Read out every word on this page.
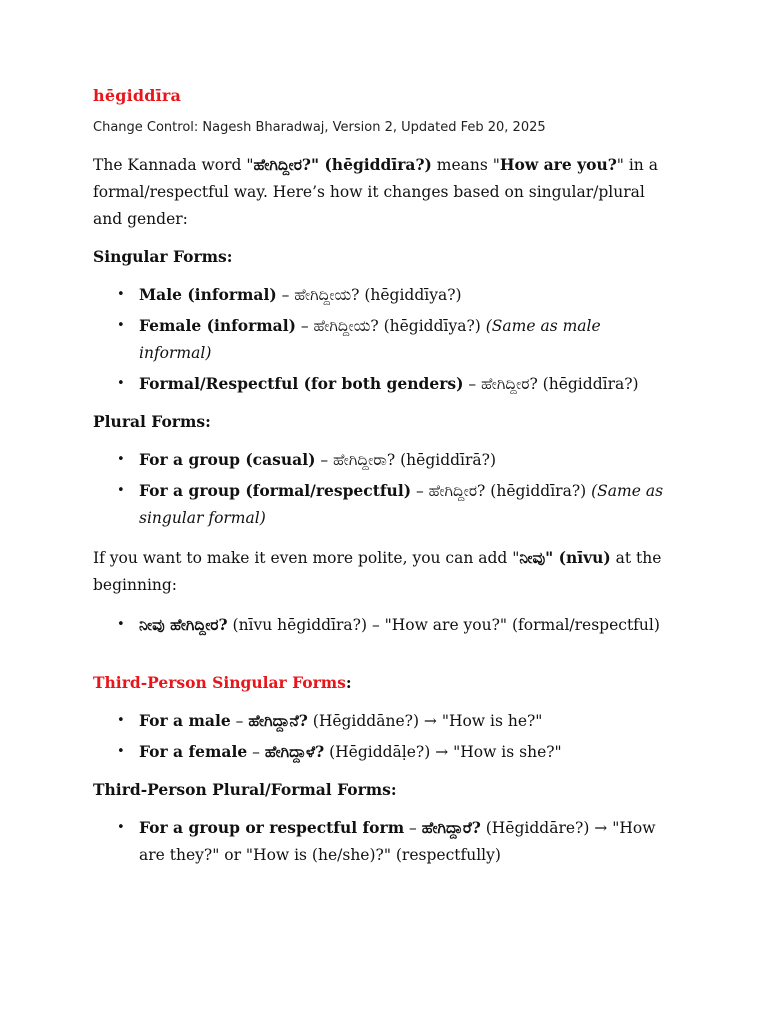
hēgiddīra
Change Control: Nagesh Bharadwaj, Version 2, Updated Feb 20, 2025

The Kannada word "ಹೇಗಿದ್ದೀರ?" (hēgiddīra?) means "How are you?" in a formal/respectful way. Here’s how it changes based on singular/plural and gender:

Singular Forms:
• Male (informal) – ಹೇಗಿದ್ದೀಯ? (hēgiddīya?)
• Female (informal) – ಹೇಗಿದ್ದೀಯ? (hēgiddīya?) (Same as male informal)
• Formal/Respectful (for both genders) – ಹೇಗಿದ್ದೀರ? (hēgiddīra?)
Plural Forms:
• For a group (casual) – ಹೇಗಿದ್ದೀರಾ? (hēgiddīrā?)
• For a group (formal/respectful) – ಹೇಗಿದ್ದೀರ? (hēgiddīra?) (Same as singular formal)

If you want to make it even more polite, you can add "ನೀವು" (nīvu) at the beginning:

• ನೀವು ಹೇಗಿದ್ದೀರ? (nīvu hēgiddīra?) – "How are you?" (formal/respectful)
Third-Person Singular Forms:
• For a male – ಹೇಗಿದ್ದಾನೆ? (Hēgiddāne?) → "How is he?"
• For a female – ಹೇಗಿದ್ದಾಳೆ? (Hēgiddāḷe?) → "How is she?"
Third-Person Plural/Formal Forms:
• For a group or respectful form – ಹೇಗಿದ್ದಾರೆ? (Hēgiddāre?) → "How are they?" or "How is (he/she)?" (respectfully)
